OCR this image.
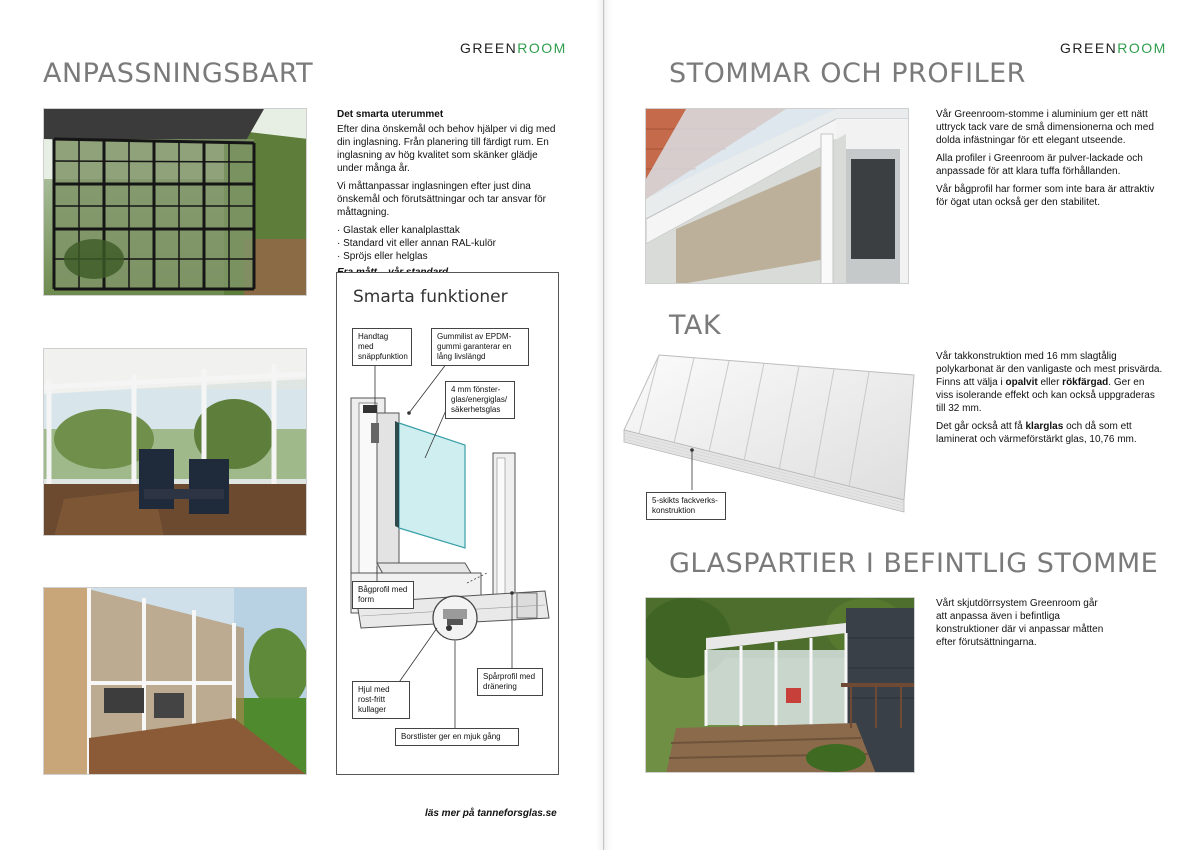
GREENROOM
ANPASSNINGSBART

Det smarta uterummet

Efter dina önskemål och behov hjälper vi dig med din inglasning. Från planering till färdigt rum. En inglasning av hög kvalitet som skänker glädje under många år.

Vi måttanpassar inglasningen efter just dina önskemål och förutsättningar och tar ansvar för måttagning.

· Glastak eller kanalplasttak
· Standard vit eller annan RAL-kulör
· Spröjs eller helglas

Smarta funktioner
Handtag med snäppfunktion
Gummilist av EPDM-gummi garanterar en lång livslängd
4 mm fönster-glas/energiglas/ säkerhetsglas
Bågprofil med form
Hjul med rost-fritt kullager
Spårprofil med dränering
Borstlister ger en mjuk gång
läs mer på tanneforsglas.se
GREENROOM
STOMMAR OCH PROFILER

Vår Greenroom-stomme i aluminium ger ett nätt uttryck tack vare de små dimensionerna och med dolda infästningar för ett elegant utseende.

Alla profiler i Greenroom är pulver-lackade och anpassade för att klara tuffa förhållanden.

Vår bågprofil har former som inte bara är attraktiv för ögat utan också ger den stabilitet.

TAK
5-skikts fackverks-konstruktion

Vår takkonstruktion med 16 mm slagtålig polykarbonat är den vanligaste och mest prisvärda. Finns att välja i opalvit eller rökfärgad. Ger en viss isolerande effekt och kan också uppgraderas till 32 mm.

Det går också att få klarglas och då som ett laminerat och värmeförstärkt glas, 10,76 mm.

GLASPARTIER I BEFINTLIG STOMME

Vårt skjutdörrsystem Greenroom går att anpassa även i befintliga konstruktioner där vi anpassar måtten efter förutsättningarna.
